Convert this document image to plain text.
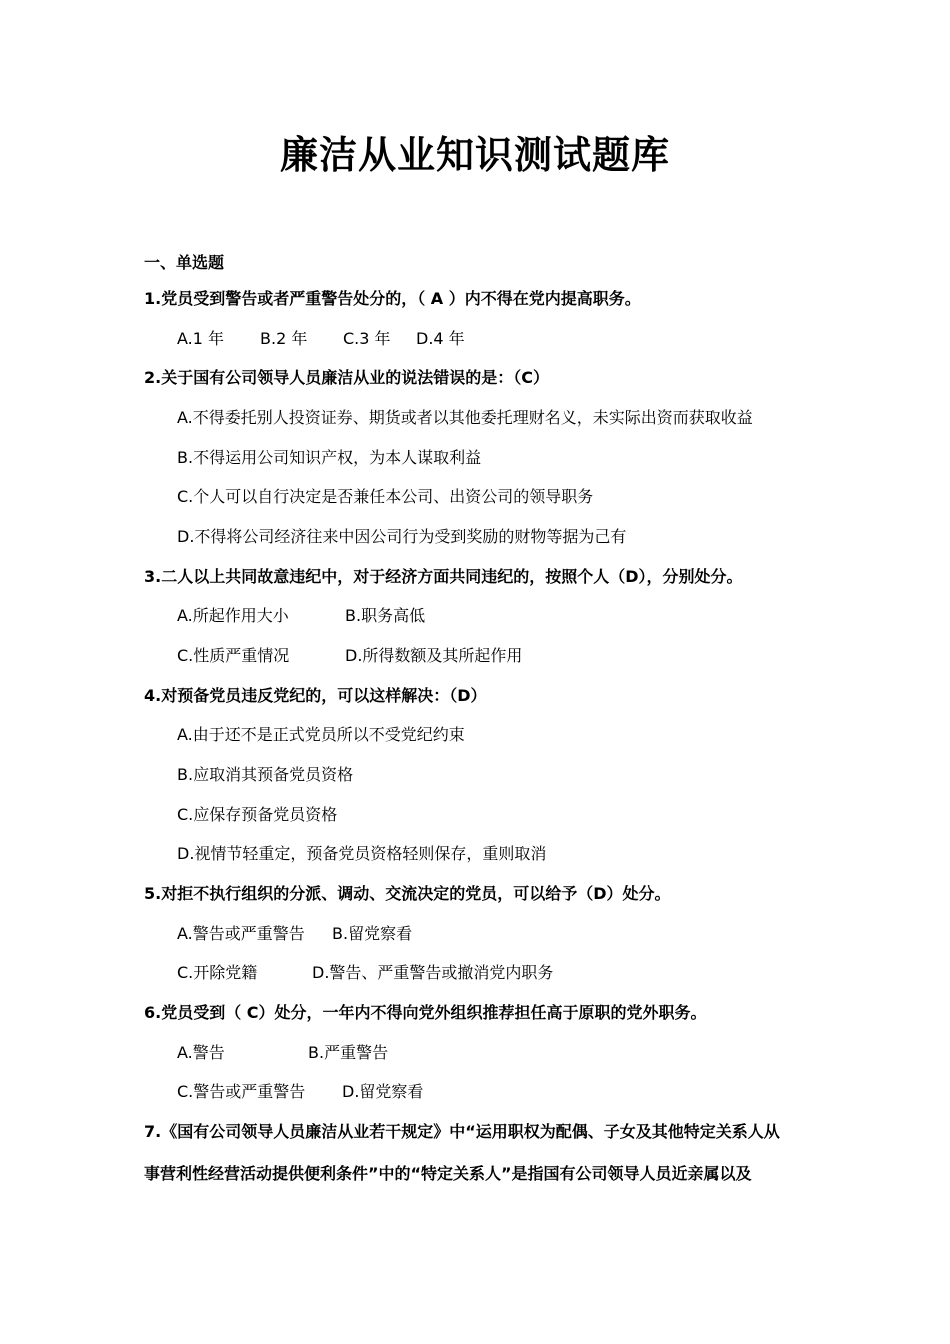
廉洁从业知识测试题库
一、单选题
1.党员受到警告或者严重警告处分的，（ A ）内不得在党内提高职务。
A.1 年 B.2 年 C.3 年 D.4 年
2.关于国有公司领导人员廉洁从业的说法错误的是：（C）
A.不得委托别人投资证券、期货或者以其他委托理财名义，未实际出资而获取收益
B.不得运用公司知识产权，为本人谋取利益
C.个人可以自行决定是否兼任本公司、出资公司的领导职务
D.不得将公司经济往来中因公司行为受到奖励的财物等据为己有
3.二人以上共同故意违纪中，对于经济方面共同违纪的，按照个人（D），分别处分。
A.所起作用大小	B.职务高低
C.性质严重情况	D.所得数额及其所起作用
4.对预备党员违反党纪的，可以这样解决：（D）
A.由于还不是正式党员所以不受党纪约束
B.应取消其预备党员资格
C.应保存预备党员资格
D.视情节轻重定，预备党员资格轻则保存，重则取消
5.对拒不执行组织的分派、调动、交流决定的党员，可以给予（D）处分。
A.警告或严重警告 B.留党察看
C.开除党籍	D.警告、严重警告或撤消党内职务
6.党员受到（ C）处分，一年内不得向党外组织推荐担任高于原职的党外职务。
A.警告	B.严重警告
C.警告或严重警告 D.留党察看
7.《国有公司领导人员廉洁从业若干规定》中“运用职权为配偶、子女及其他特定关系人从
事营利性经营活动提供便利条件”中的“特定关系人”是指国有公司领导人员近亲属以及
